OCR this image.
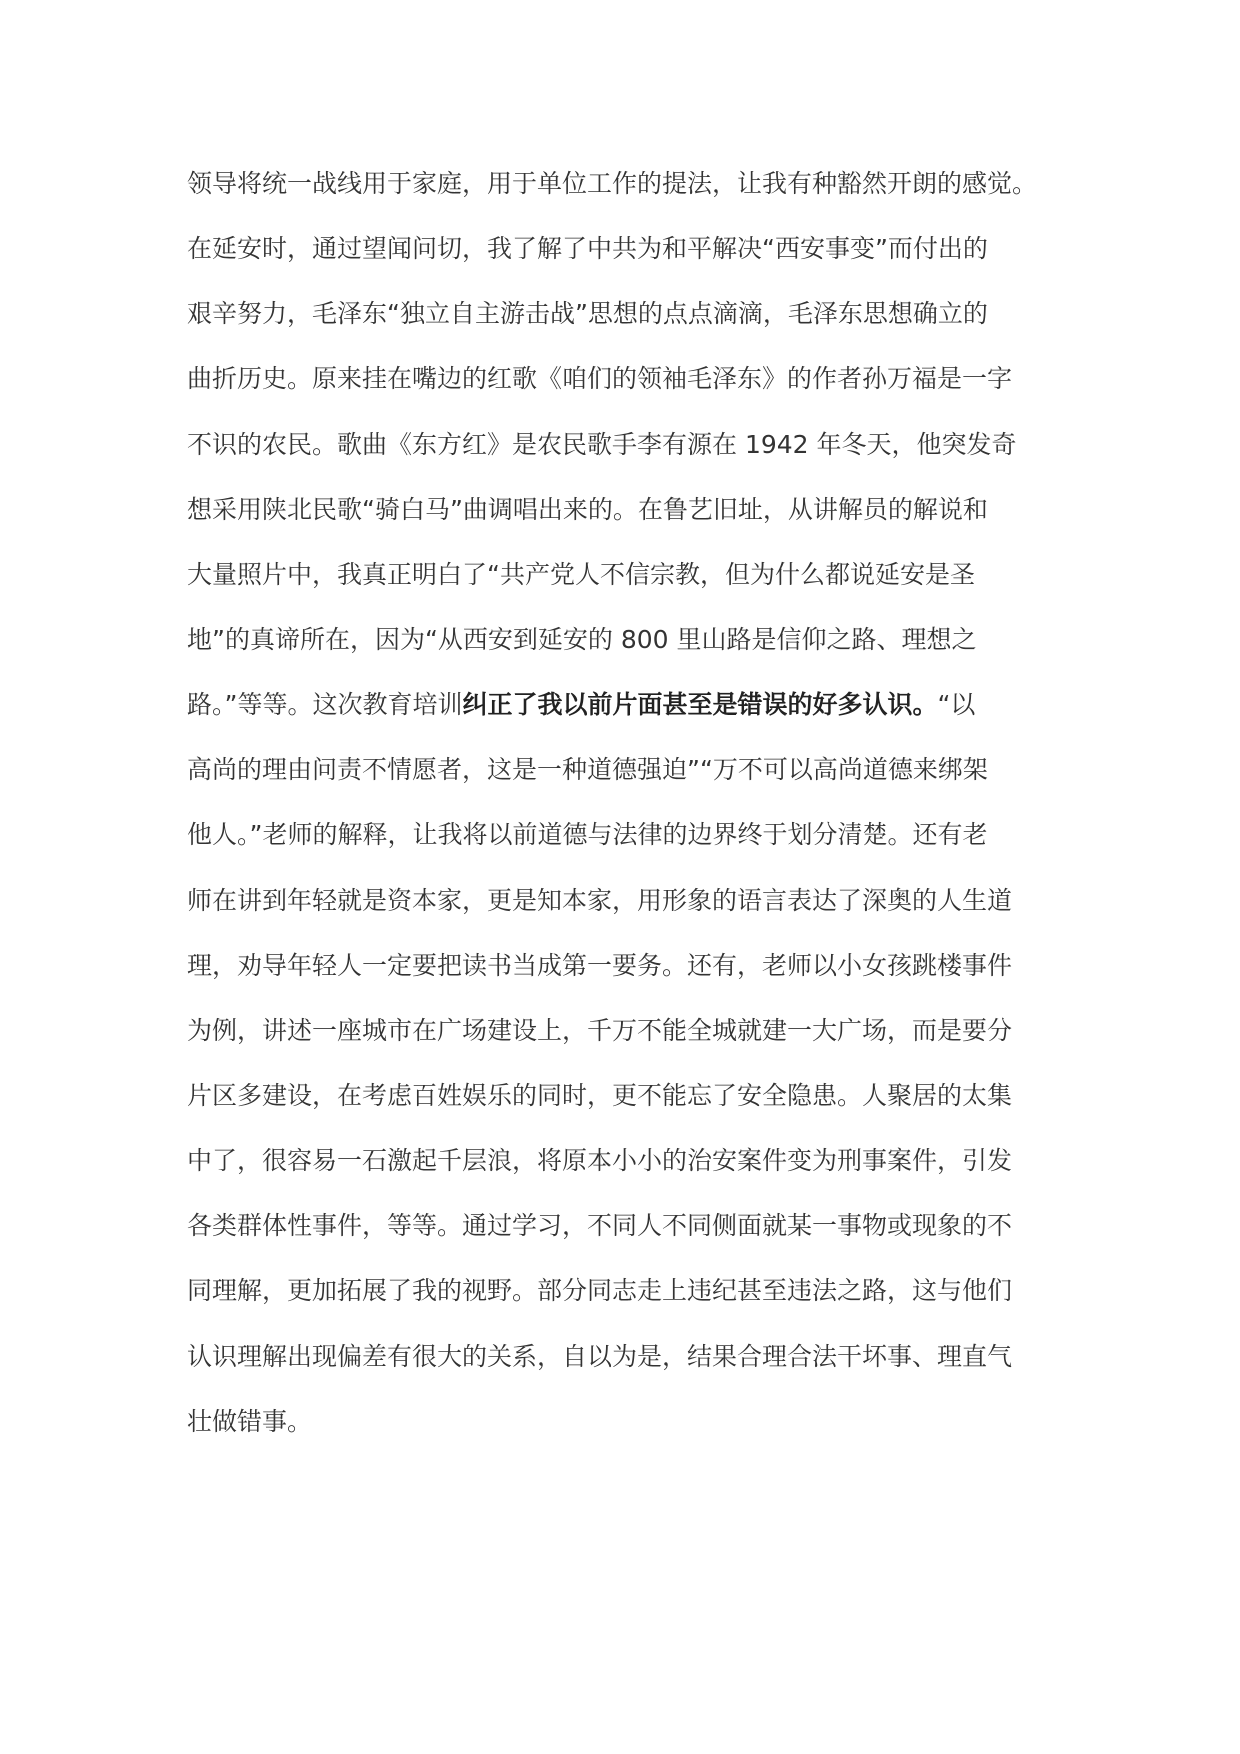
领导将统一战线用于家庭，用于单位工作的提法，让我有种豁然开朗的感觉。
在延安时，通过望闻问切，我了解了中共为和平解决“西安事变”而付出的
艰辛努力，毛泽东“独立自主游击战”思想的点点滴滴，毛泽东思想确立的
曲折历史。原来挂在嘴边的红歌《咱们的领袖毛泽东》的作者孙万福是一字
不识的农民。歌曲《东方红》是农民歌手李有源在 1942 年冬天，他突发奇
想采用陕北民歌“骑白马”曲调唱出来的。在鲁艺旧址，从讲解员的解说和
大量照片中，我真正明白了“共产党人不信宗教，但为什么都说延安是圣
地”的真谛所在，因为“从西安到延安的 800 里山路是信仰之路、理想之
路。”等等。这次教育培训纠正了我以前片面甚至是错误的好多认识。“以
高尚的理由问责不情愿者，这是一种道德强迫”“万不可以高尚道德来绑架
他人。”老师的解释，让我将以前道德与法律的边界终于划分清楚。还有老
师在讲到年轻就是资本家，更是知本家，用形象的语言表达了深奥的人生道
理，劝导年轻人一定要把读书当成第一要务。还有，老师以小女孩跳楼事件
为例，讲述一座城市在广场建设上，千万不能全城就建一大广场，而是要分
片区多建设，在考虑百姓娱乐的同时，更不能忘了安全隐患。人聚居的太集
中了，很容易一石激起千层浪，将原本小小的治安案件变为刑事案件，引发
各类群体性事件，等等。通过学习，不同人不同侧面就某一事物或现象的不
同理解，更加拓展了我的视野。部分同志走上违纪甚至违法之路，这与他们
认识理解出现偏差有很大的关系，自以为是，结果合理合法干坏事、理直气
壮做错事。
